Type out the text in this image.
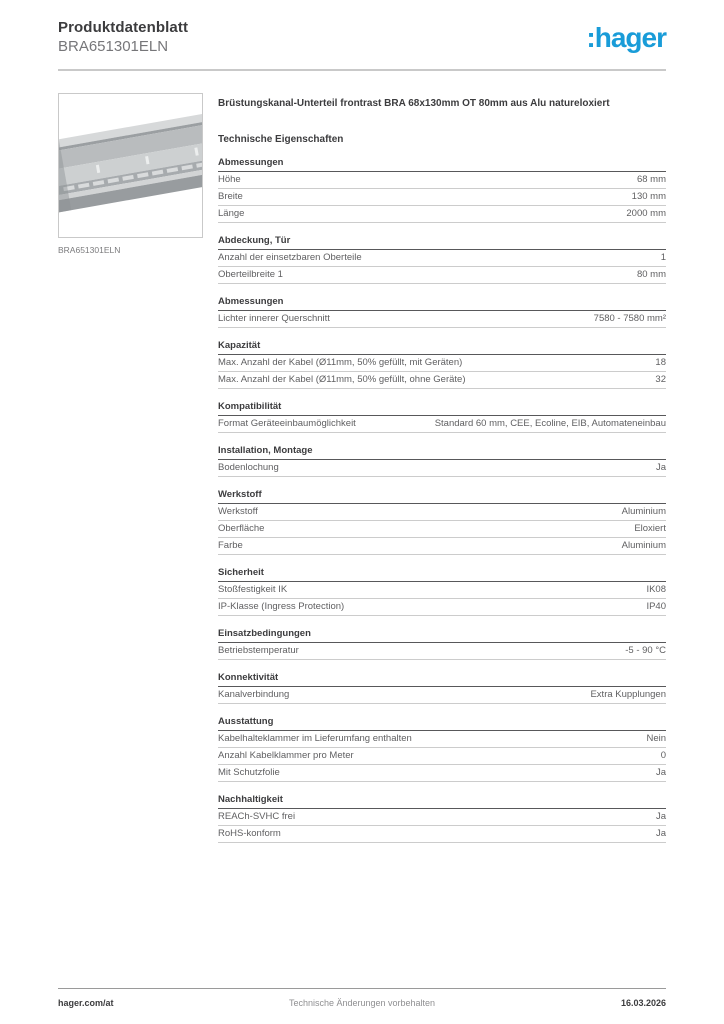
Produktdatenblatt
BRA651301ELN	:hager
BRA651301ELN
Brüstungskanal-Unterteil frontrast BRA 68x130mm OT 80mm aus Alu natureloxiert
Technische Eigenschaften
Abmessungen
Höhe	68 mm
Breite	130 mm
Länge	2000 mm
Abdeckung, Tür
Anzahl der einsetzbaren Oberteile	1
Oberteilbreite 1	80 mm
Abmessungen
Lichter innerer Querschnitt	7580 - 7580 mm²
Kapazität
Max. Anzahl der Kabel (Ø11mm, 50% gefüllt, mit Geräten)	18
Max. Anzahl der Kabel (Ø11mm, 50% gefüllt, ohne Geräte)	32
Kompatibilität
Format Geräteeinbaumöglichkeit	Standard 60 mm, CEE, Ecoline, EIB, Automateneinbau
Installation, Montage
Bodenlochung	Ja
Werkstoff
Werkstoff	Aluminium
Oberfläche	Eloxiert
Farbe	Aluminium
Sicherheit
Stoßfestigkeit IK	IK08
IP-Klasse (Ingress Protection)	IP40
Einsatzbedingungen
Betriebstemperatur	-5 - 90 °C
Konnektivität
Kanalverbindung	Extra Kupplungen
Ausstattung
Kabelhalteklammer im Lieferumfang enthalten	Nein
Anzahl Kabelklammer pro Meter	0
Mit Schutzfolie	Ja
Nachhaltigkeit
REACh-SVHC frei	Ja
RoHS-konform	Ja
hager.com/at	Technische Änderungen vorbehalten	16.03.2026
